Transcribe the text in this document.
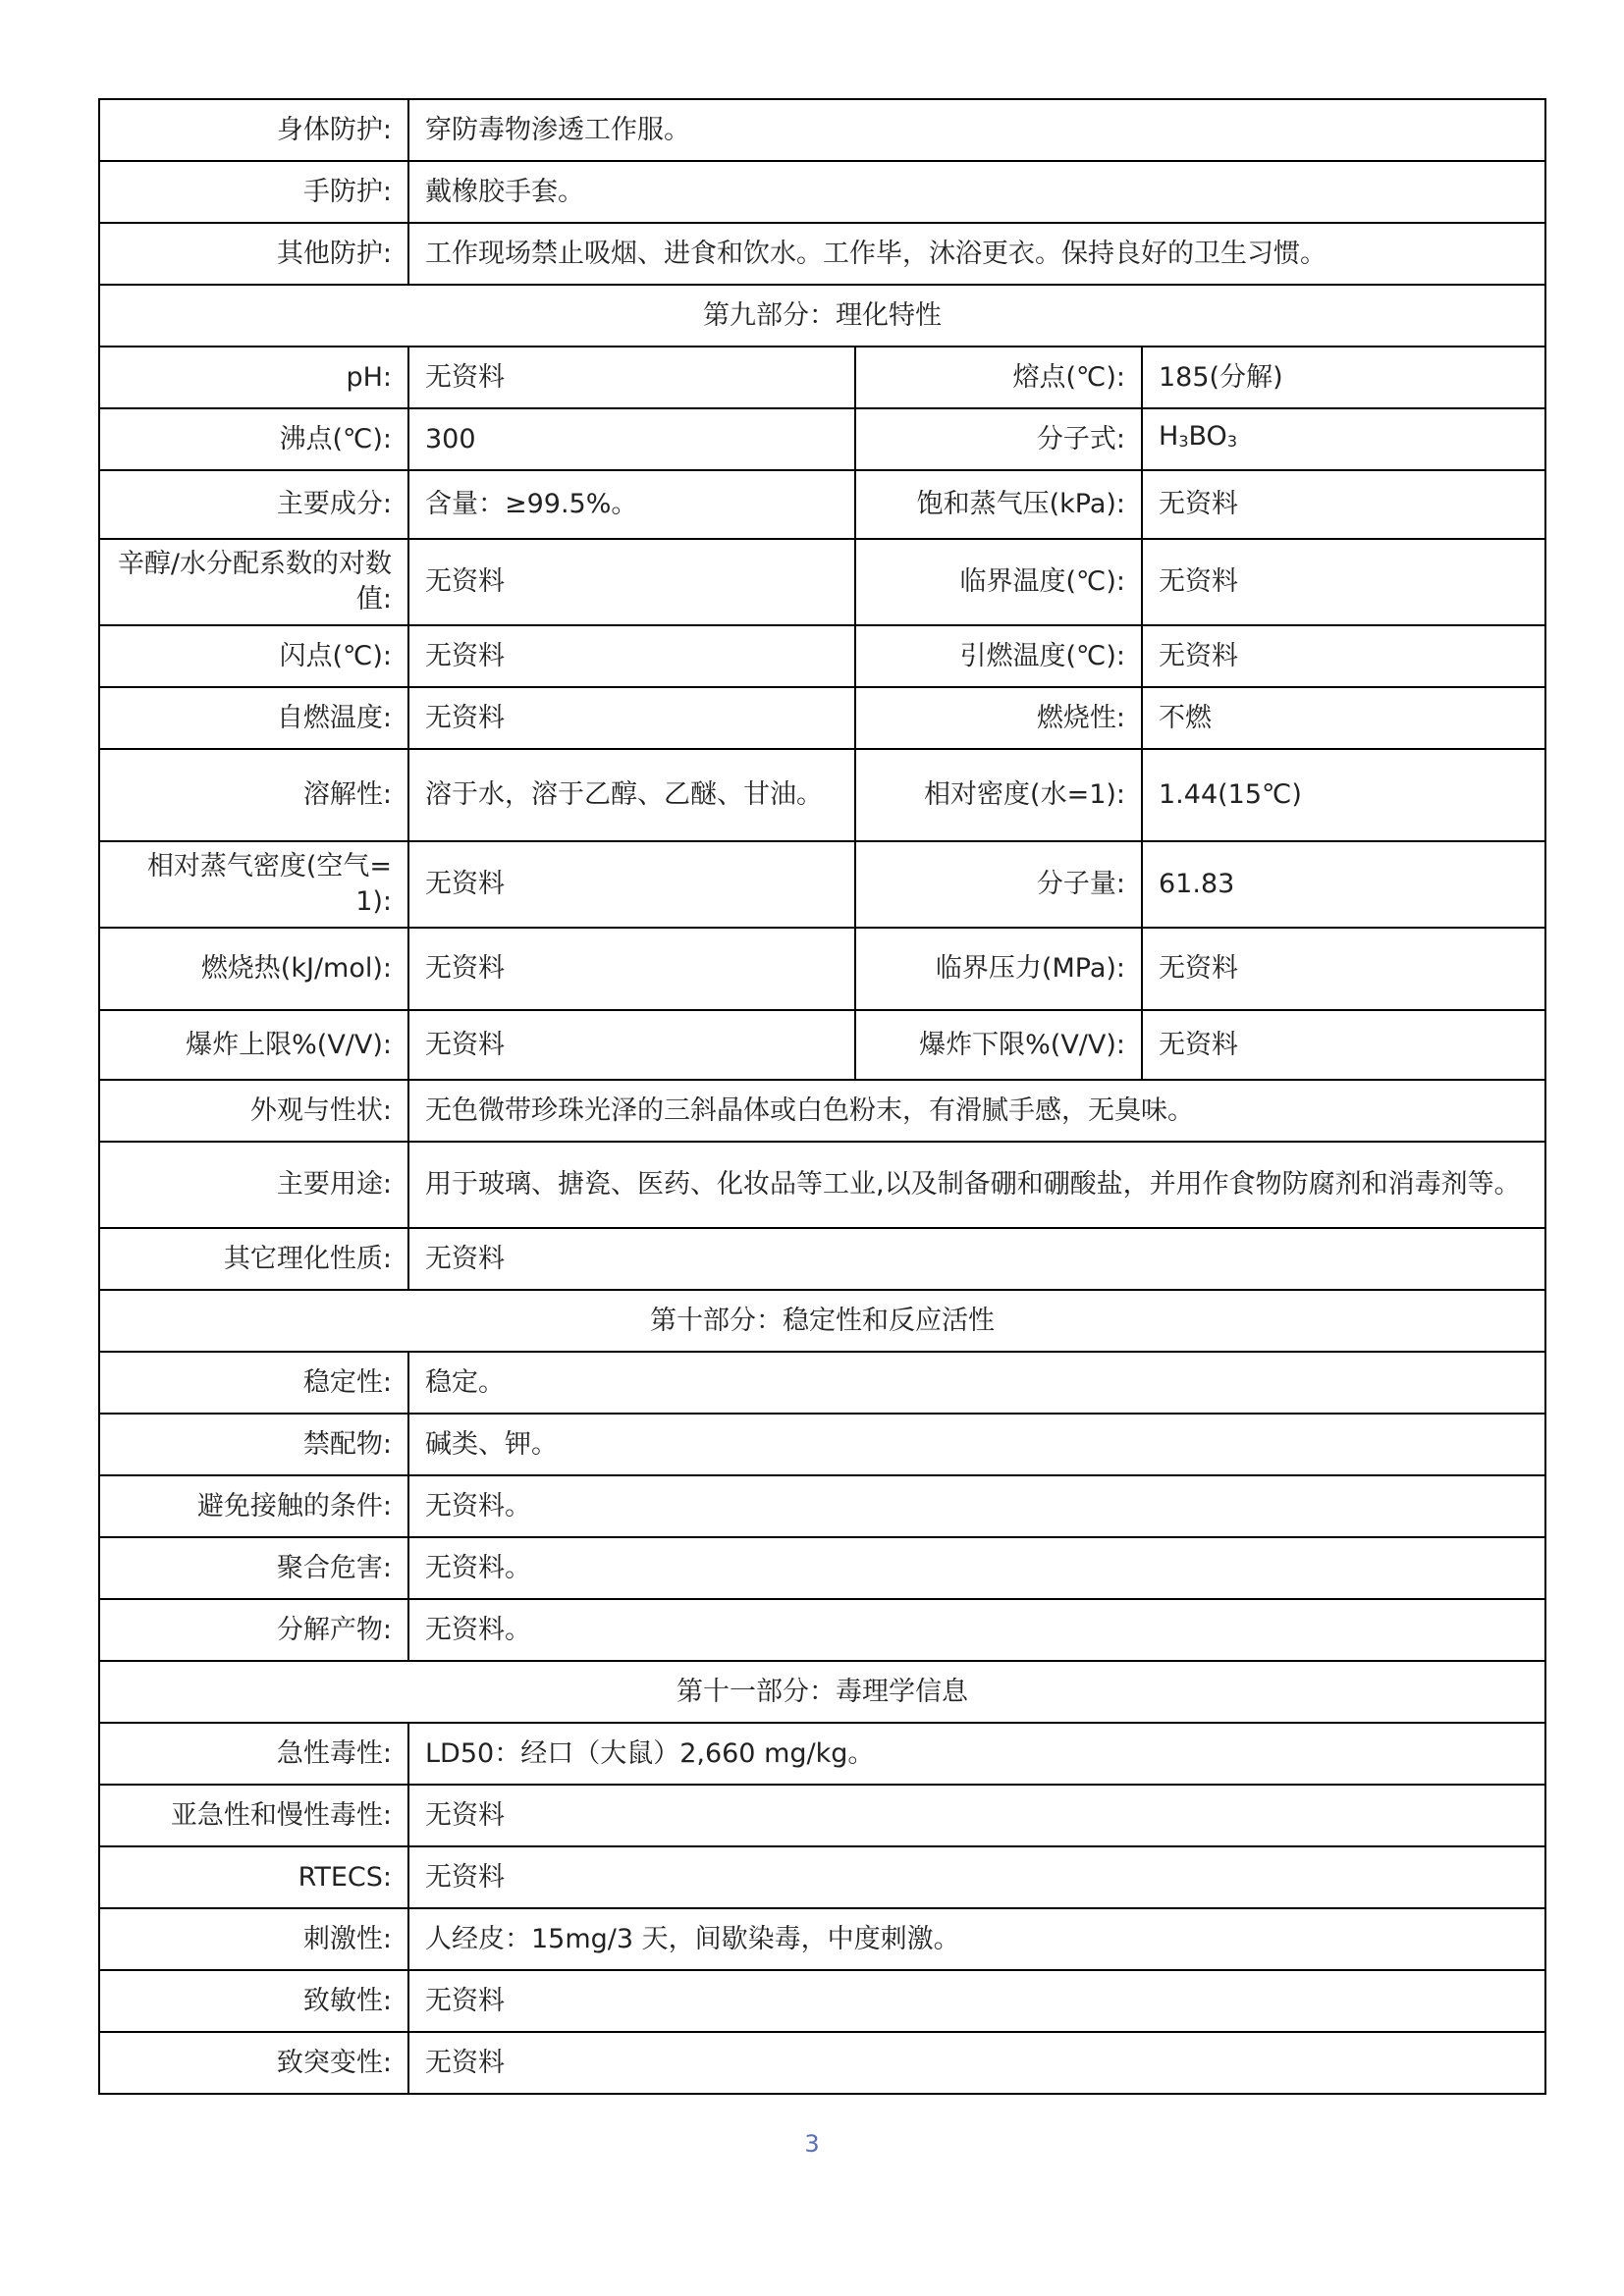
身体防护:	穿防毒物渗透工作服。		
手防护:	戴橡胶手套。		
其他防护:	工作现场禁止吸烟、进食和饮水。工作毕，沐浴更衣。保持良好的卫生习惯。		
第九部分：理化特性			
pH:	无资料	熔点(℃):	185(分解)
沸点(℃):	300	分子式:	$H_3BO_3$
主要成分:	含量：≥99.5%。	饱和蒸气压(kPa):	无资料
辛醇/水分配系数的对数值:	无资料	临界温度(℃):	无资料
闪点(℃):	无资料	引燃温度(℃):	无资料
自燃温度:	无资料	燃烧性:	不燃
溶解性:	溶于水，溶于乙醇、乙醚、甘油。	相对密度(水=1):	1.44(15℃)
相对蒸气密度(空气=1):	无资料	分子量:	61.83
燃烧热(kJ/mol):	无资料	临界压力(MPa):	无资料
爆炸上限%(V/V):	无资料	爆炸下限%(V/V):	无资料
外观与性状:	无色微带珍珠光泽的三斜晶体或白色粉末，有滑腻手感，无臭味。		
主要用途:	用于玻璃、搪瓷、医药、化妆品等工业,以及制备硼和硼酸盐，并用作食物防腐剂和消毒剂等。		
其它理化性质:	无资料		
第十部分：稳定性和反应活性			
稳定性:	稳定。		
禁配物:	碱类、钾。		
避免接触的条件:	无资料。		
聚合危害:	无资料。		
分解产物:	无资料。		
第十一部分：毒理学信息			
急性毒性:	LD50：经口（大鼠）2,660 mg/kg。		
亚急性和慢性毒性:	无资料		
RTECS:	无资料		
刺激性:	人经皮：15mg/3 天，间歇染毒，中度刺激。		
致敏性:	无资料		
致突变性:	无资料		
3
